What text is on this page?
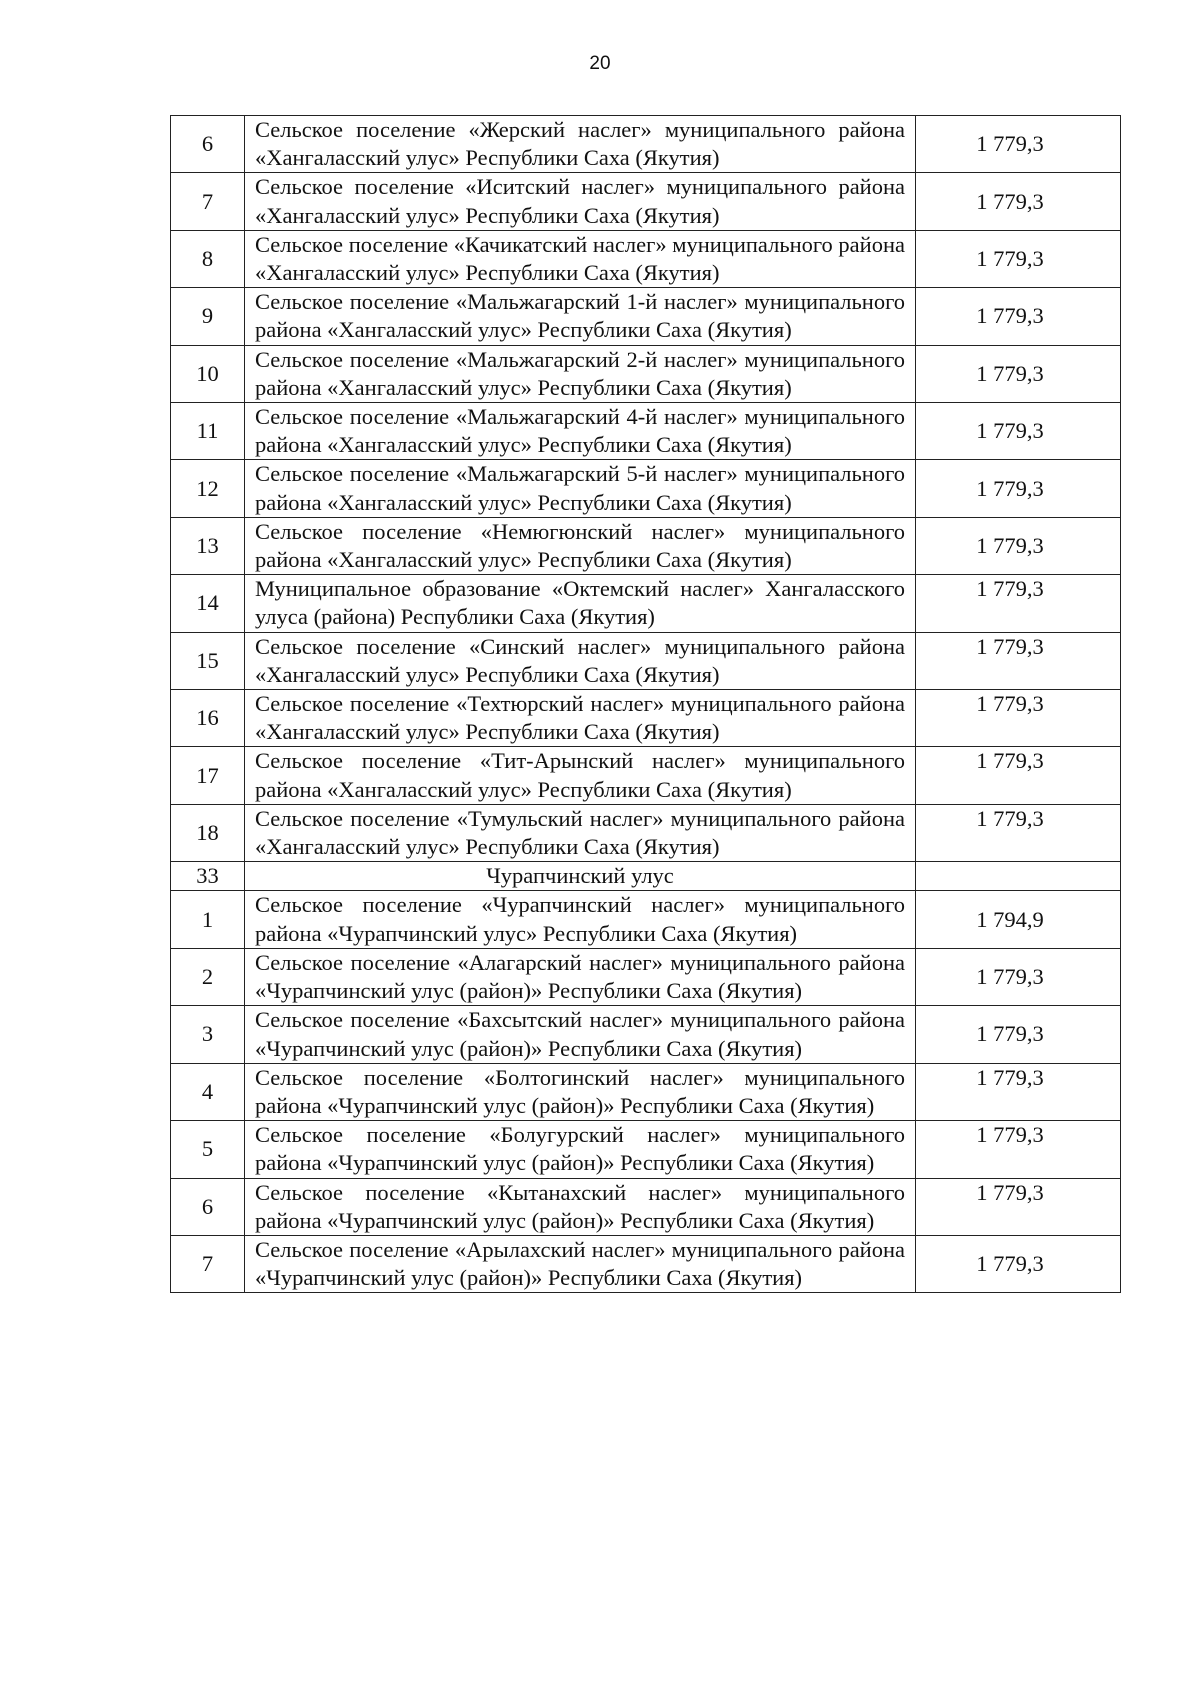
20
6	Сельское поселение «Жерский наслег» муниципального района «Хангаласский улус» Республики Саха (Якутия)	1 779,3
7	Сельское поселение «Иситский наслег» муниципального района «Хангаласский улус» Республики Саха (Якутия)	1 779,3
8	Сельское поселение «Качикатский наслег» муниципального района «Хангаласский улус» Республики Саха (Якутия)	1 779,3
9	Сельское поселение «Мальжагарский 1-й наслег» муниципального района «Хангаласский улус» Республики Саха (Якутия)	1 779,3
10	Сельское поселение «Мальжагарский 2-й наслег» муниципального района «Хангаласский улус» Республики Саха (Якутия)	1 779,3
11	Сельское поселение «Мальжагарский 4-й наслег» муниципального района «Хангаласский улус» Республики Саха (Якутия)	1 779,3
12	Сельское поселение «Мальжагарский 5-й наслег» муниципального района «Хангаласский улус» Республики Саха (Якутия)	1 779,3
13	Сельское поселение «Немюгюнский наслег» муниципального района «Хангаласский улус» Республики Саха (Якутия)	1 779,3
14	Муниципальное образование «Октемский наслег» Хангаласского улуса (района) Республики Саха (Якутия)	1 779,3
15	Сельское поселение «Синский наслег» муниципального района «Хангаласский улус» Республики Саха (Якутия)	1 779,3
16	Сельское поселение «Техтюрский наслег» муниципального района «Хангаласский улус» Республики Саха (Якутия)	1 779,3
17	Сельское поселение «Тит-Арынский наслег» муниципального района «Хангаласский улус» Республики Саха (Якутия)	1 779,3
18	Сельское поселение «Тумульский наслег» муниципального района «Хангаласский улус» Республики Саха (Якутия)	1 779,3
33	Чурапчинский улус	
1	Сельское поселение «Чурапчинский наслег» муниципального района «Чурапчинский улус» Республики Саха (Якутия)	1 794,9
2	Сельское поселение «Алагарский наслег» муниципального района «Чурапчинский улус (район)» Республики Саха (Якутия)	1 779,3
3	Сельское поселение «Бахсытский наслег» муниципального района «Чурапчинский улус (район)» Республики Саха (Якутия)	1 779,3
4	Сельское поселение «Болтогинский наслег» муниципального района «Чурапчинский улус (район)» Республики Саха (Якутия)	1 779,3
5	Сельское поселение «Болугурский наслег» муниципального района «Чурапчинский улус (район)» Республики Саха (Якутия)	1 779,3
6	Сельское поселение «Кытанахский наслег» муниципального района «Чурапчинский улус (район)» Республики Саха (Якутия)	1 779,3
7	Сельское поселение «Арылахский наслег» муниципального района «Чурапчинский улус (район)» Республики Саха (Якутия)	1 779,3
